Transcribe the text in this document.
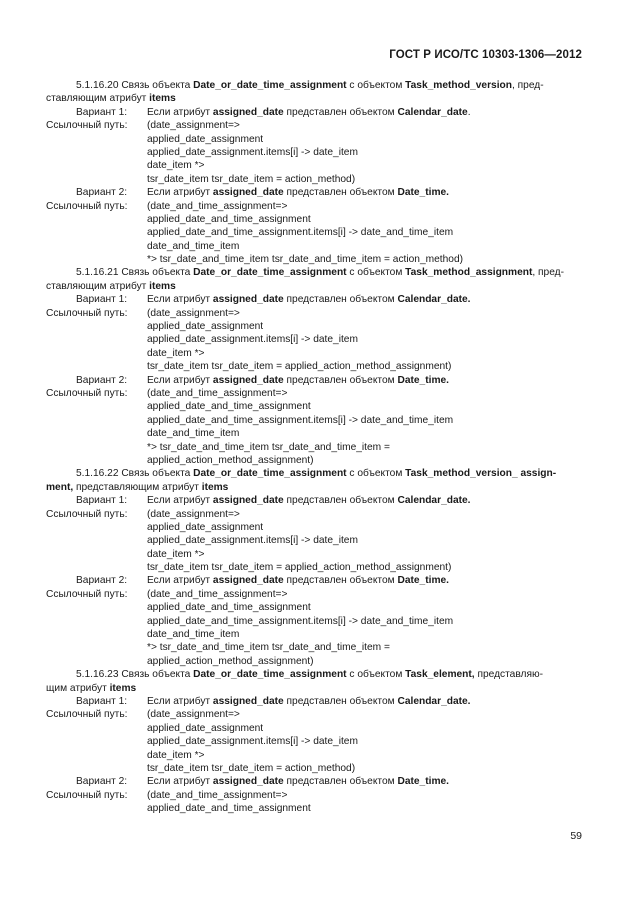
ГОСТ Р ИСО/ТС 10303-1306—2012
5.1.16.20 Связь объекта Date_or_date_time_assignment с объектом Task_method_version, пред-
ставляющим атрибут items
Вариант 1: Если атрибут assigned_date представлен объектом Calendar_date.
Ссылочный путь: (date_assignment=>
applied_date_assignment
applied_date_assignment.items[i] -> date_item
date_item *>
tsr_date_item tsr_date_item = action_method)
Вариант 2: Если атрибут assigned_date представлен объектом Date_time.
Ссылочный путь: (date_and_time_assignment=>
applied_date_and_time_assignment
applied_date_and_time_assignment.items[i] -> date_and_time_item
date_and_time_item
*> tsr_date_and_time_item tsr_date_and_time_item = action_method)
5.1.16.21 Связь объекта Date_or_date_time_assignment с объектом Task_method_assignment, пред-
ставляющим атрибут items
Вариант 1: Если атрибут assigned_date представлен объектом Calendar_date.
Ссылочный путь: (date_assignment=>
applied_date_assignment
applied_date_assignment.items[i] -> date_item
date_item *>
tsr_date_item tsr_date_item = applied_action_method_assignment)
Вариант 2: Если атрибут assigned_date представлен объектом Date_time.
Ссылочный путь: (date_and_time_assignment=>
applied_date_and_time_assignment
applied_date_and_time_assignment.items[i] -> date_and_time_item
date_and_time_item
*> tsr_date_and_time_item tsr_date_and_time_item =
applied_action_method_assignment)
5.1.16.22 Связь объекта Date_or_date_time_assignment с объектом Task_method_version_ assign-
ment, представляющим атрибут items
Вариант 1: Если атрибут assigned_date представлен объектом Calendar_date.
Ссылочный путь: (date_assignment=>
applied_date_assignment
applied_date_assignment.items[i] -> date_item
date_item *>
tsr_date_item tsr_date_item = applied_action_method_assignment)
Вариант 2: Если атрибут assigned_date представлен объектом Date_time.
Ссылочный путь: (date_and_time_assignment=>
applied_date_and_time_assignment
applied_date_and_time_assignment.items[i] -> date_and_time_item
date_and_time_item
*> tsr_date_and_time_item tsr_date_and_time_item =
applied_action_method_assignment)
5.1.16.23 Связь объекта Date_or_date_time_assignment с объектом Task_element, представляю-
щим атрибут items
Вариант 1: Если атрибут assigned_date представлен объектом Calendar_date.
Ссылочный путь: (date_assignment=>
applied_date_assignment
applied_date_assignment.items[i] -> date_item
date_item *>
tsr_date_item tsr_date_item = action_method)
Вариант 2: Если атрибут assigned_date представлен объектом Date_time.
Ссылочный путь: (date_and_time_assignment=>
applied_date_and_time_assignment
59
